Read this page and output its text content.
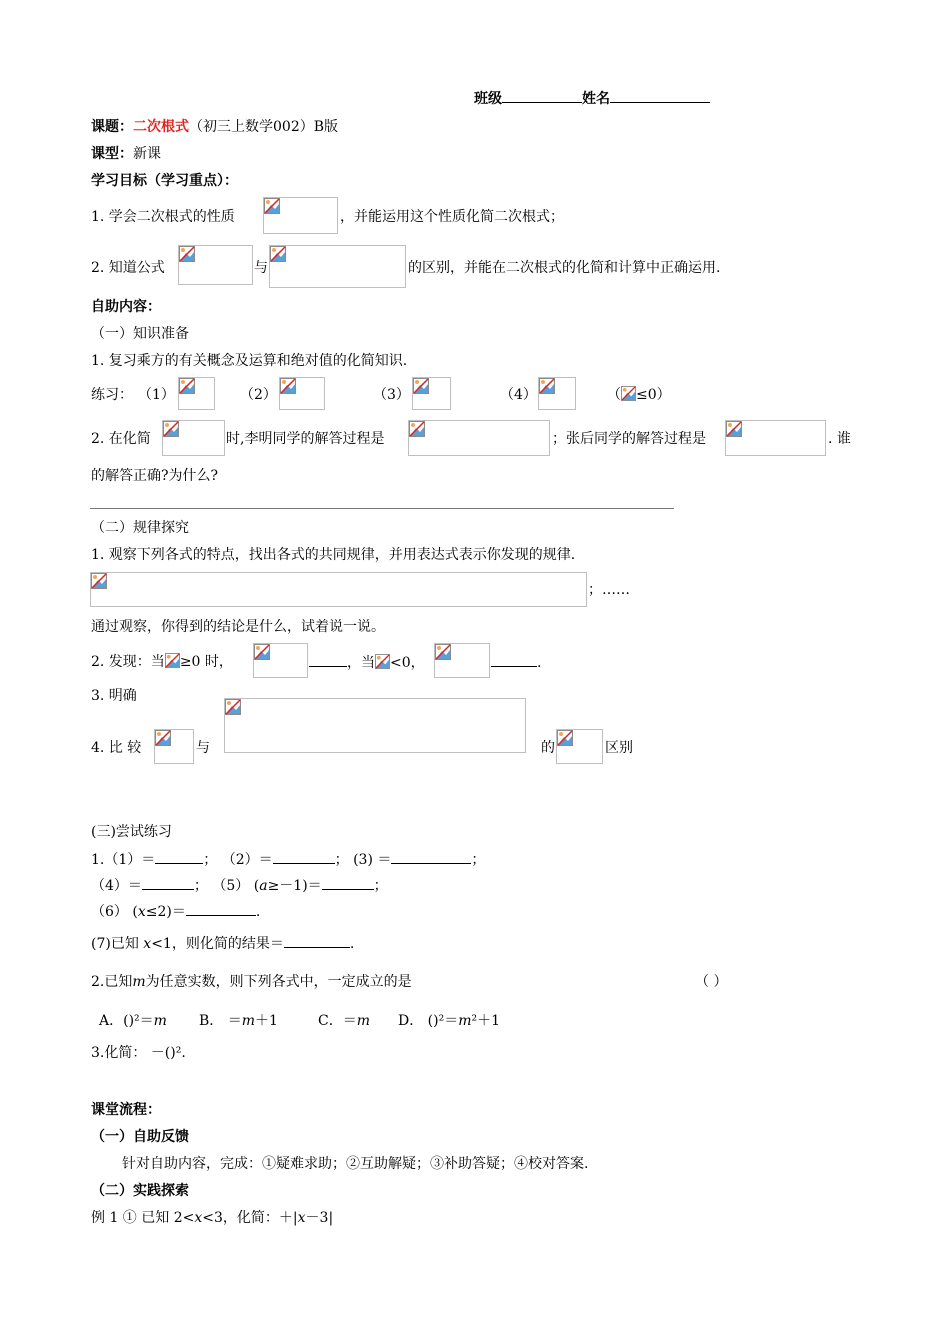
班级	姓名
课题：二次根式（初三上数学002）B版
课型：新课
学习目标（学习重点）：
1. 学会二次根式的性质	，并能运用这个性质化简二次根式；
2. 知道公式	与	的区别，并能在二次根式的化简和计算中正确运用.
自助内容：
（一）知识准备
1. 复习乘方的有关概念及运算和绝对值的化简知识.
练习： （1）	（2）	（3）	（4）	（ ≤0）
2. 在化简	时,李明同学的解答过程是	；张后同学的解答过程是	. 谁
的解答正确?为什么?
（二）规律探究
1. 观察下列各式的特点，找出各式的共同规律，并用表达式表示你发现的规律.
；……
通过观察，你得到的结论是什么，试着说一说。
2. 发现：当 ≥0 时，	，当 <0，	.
3. 明确
4. 比 较	与	的	区别
(三)尝试练习
1.（1）＝	； （2）＝	； (3) ＝	；
（4）＝	； （5） (a≥－1)＝	；
（6） (x≤2)＝	.
(7)已知 x<1，则化简的结果＝	.
2.已知m为任意实数，则下列各式中，一定成立的是	（ ）
A．()²＝m B． ＝m＋1	C．＝m D． ()²＝m²＋1
3.化简： －()².
课堂流程：
（一）自助反馈
针对自助内容，完成：①疑难求助；②互助解疑；③补助答疑；④校对答案.
（二）实践探索
例 1 ① 已知 2<x<3，化简：＋|x－3|
